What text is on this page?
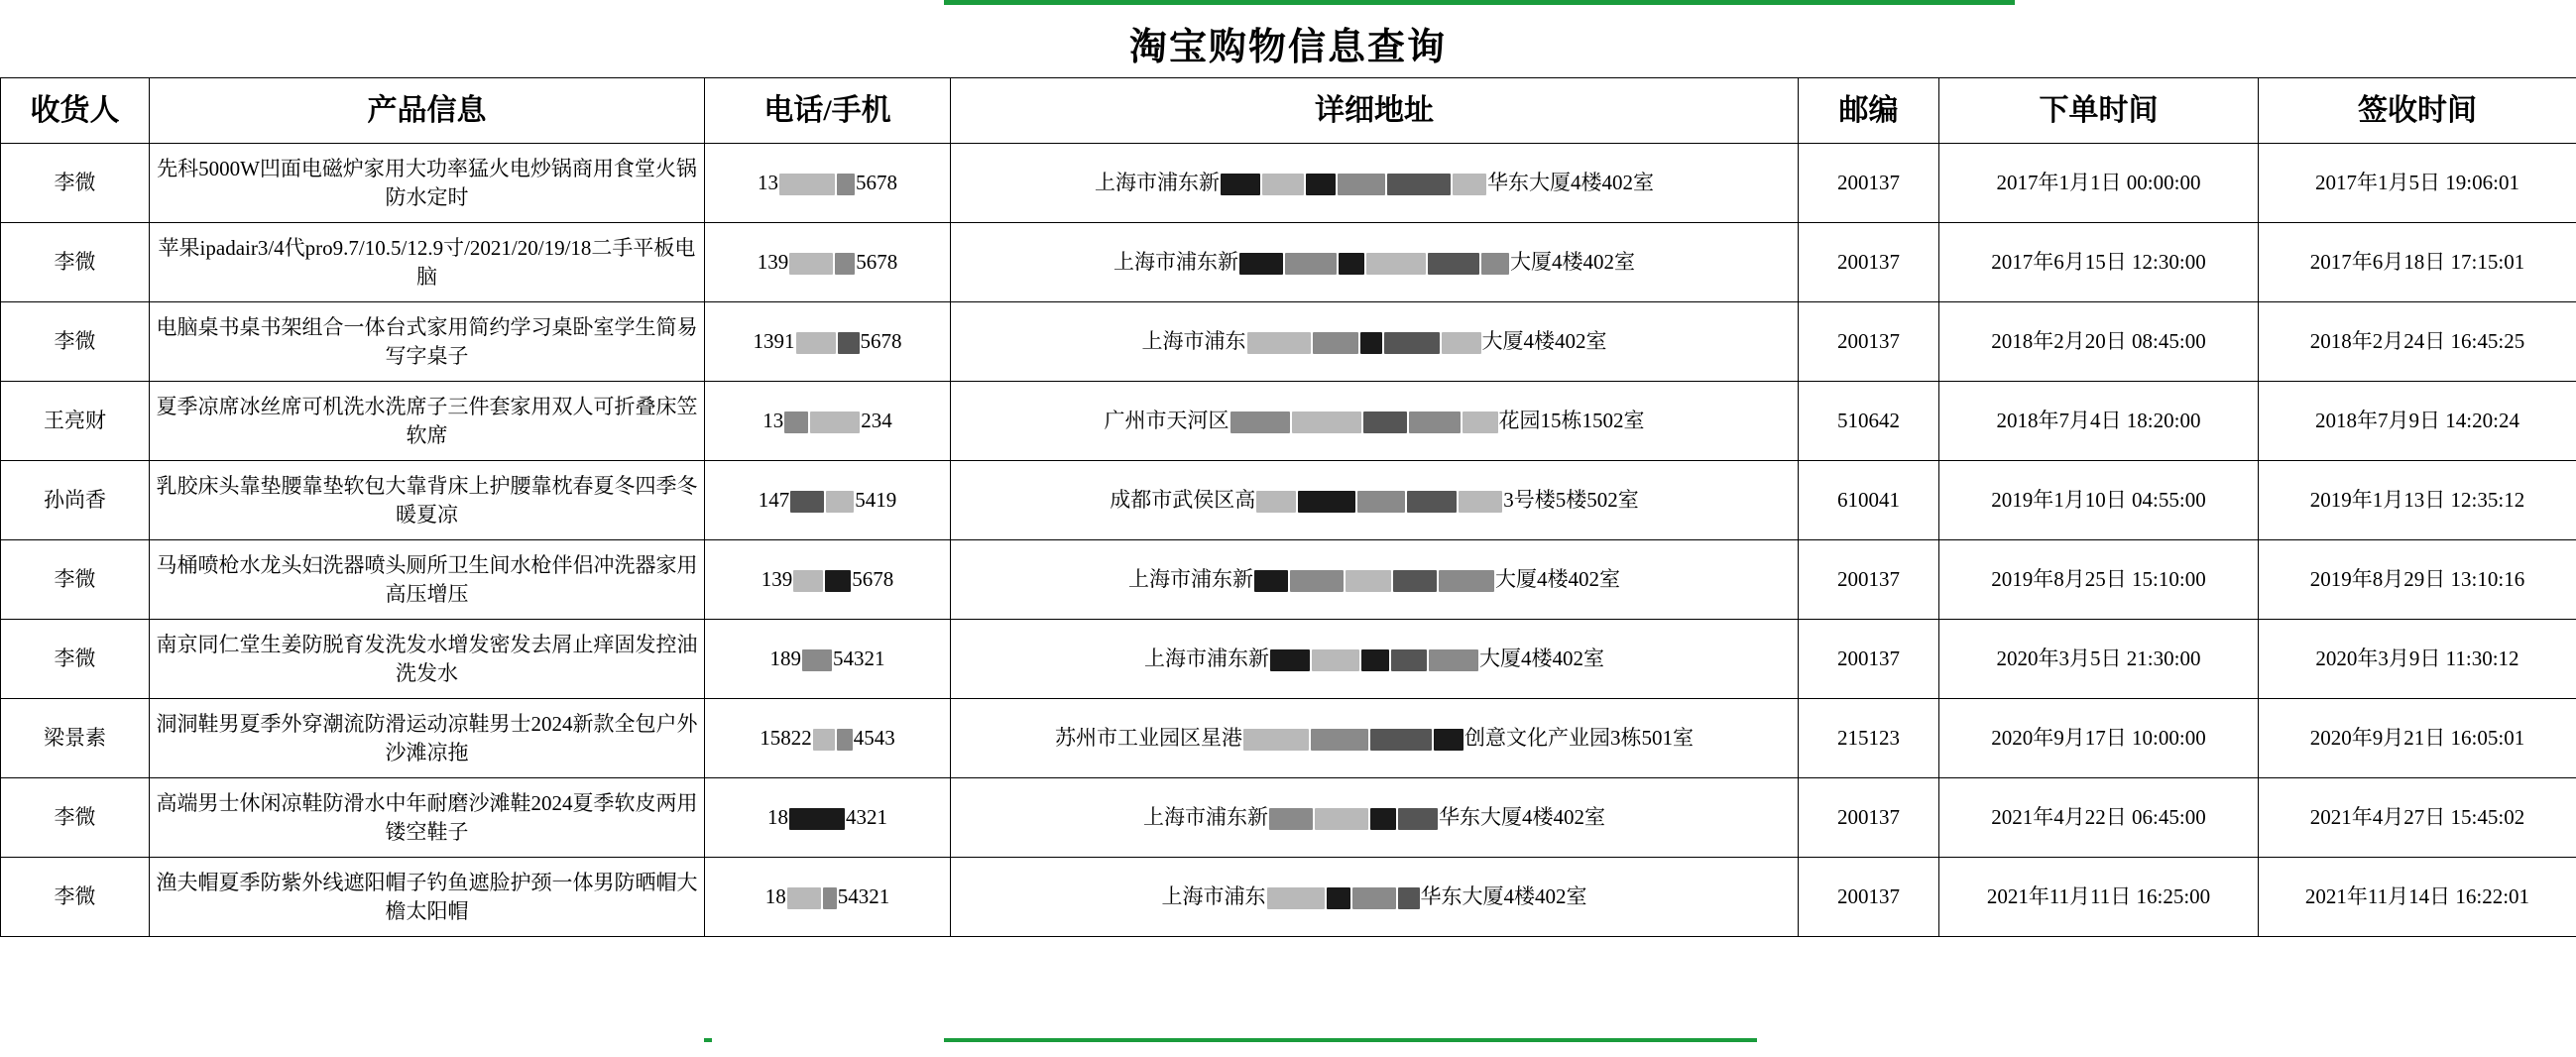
淘宝购物信息查询
收货人	产品信息	电话/手机	详细地址	邮编	下单时间	签收时间
李微	先科5000W凹面电磁炉家用大功率猛火电炒锅商用食堂火锅防水定时	13 5678	上海市浦东新 华东大厦4楼402室	200137	2017年1月1日 00:00:00	2017年1月5日 19:06:01
李微	苹果ipadair3/4代pro9.7/10.5/12.9寸/2021/20/19/18二手平板电脑	139 5678	上海市浦东新 大厦4楼402室	200137	2017年6月15日 12:30:00	2017年6月18日 17:15:01
李微	电脑桌书桌书架组合一体台式家用简约学习桌卧室学生简易写字桌子	1391 5678	上海市浦东 大厦4楼402室	200137	2018年2月20日 08:45:00	2018年2月24日 16:45:25
王亮财	夏季凉席冰丝席可机洗水洗席子三件套家用双人可折叠床笠软席	13 234	广州市天河区 花园15栋1502室	510642	2018年7月4日 18:20:00	2018年7月9日 14:20:24
孙尚香	乳胶床头靠垫腰靠垫软包大靠背床上护腰靠枕春夏冬四季冬暖夏凉	147 5419	成都市武侯区高 3号楼5楼502室	610041	2019年1月10日 04:55:00	2019年1月13日 12:35:12
李微	马桶喷枪水龙头妇洗器喷头厕所卫生间水枪伴侣冲洗器家用高压增压	139 5678	上海市浦东新 大厦4楼402室	200137	2019年8月25日 15:10:00	2019年8月29日 13:10:16
李微	南京同仁堂生姜防脱育发洗发水增发密发去屑止痒固发控油洗发水	189 54321	上海市浦东新 大厦4楼402室	200137	2020年3月5日 21:30:00	2020年3月9日 11:30:12
梁景素	洞洞鞋男夏季外穿潮流防滑运动凉鞋男士2024新款全包户外沙滩凉拖	15822 4543	苏州市工业园区星港 创意文化产业园3栋501室	215123	2020年9月17日 10:00:00	2020年9月21日 16:05:01
李微	高端男士休闲凉鞋防滑水中年耐磨沙滩鞋2024夏季软皮两用镂空鞋子	18 4321	上海市浦东新 华东大厦4楼402室	200137	2021年4月22日 06:45:00	2021年4月27日 15:45:02
李微	渔夫帽夏季防紫外线遮阳帽子钓鱼遮脸护颈一体男防晒帽大檐太阳帽	18 54321	上海市浦东 华东大厦4楼402室	200137	2021年11月11日 16:25:00	2021年11月14日 16:22:01
